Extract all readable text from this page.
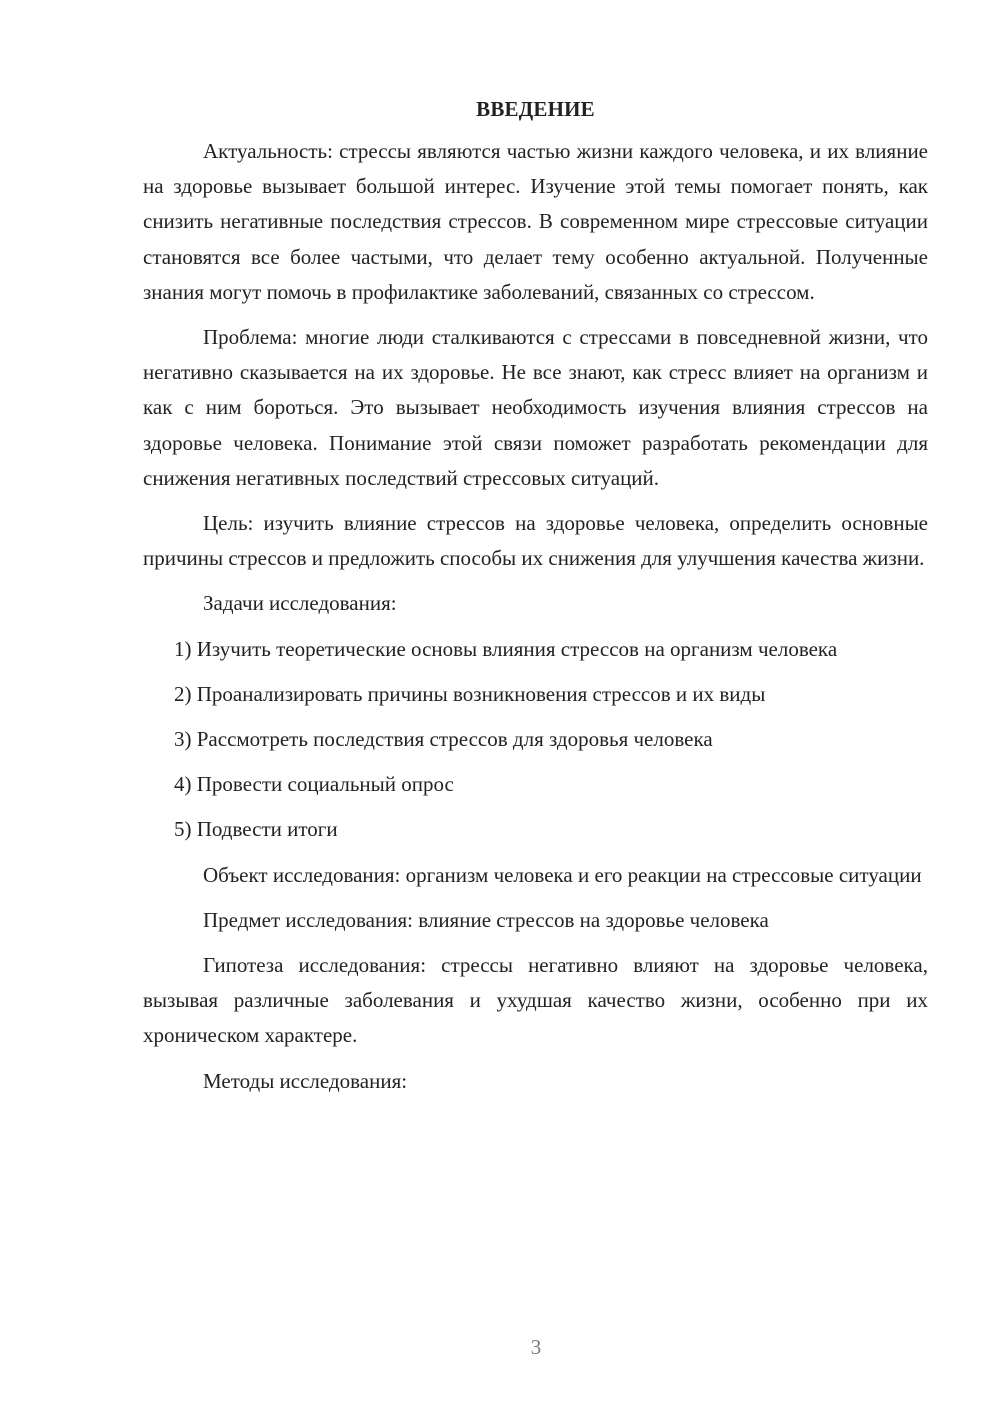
ВВЕДЕНИЕ

Актуальность: стрессы являются частью жизни каждого человека, и их влияние на здоровье вызывает большой интерес. Изучение этой темы помогает понять, как снизить негативные последствия стрессов. В современном мире стрессовые ситуации становятся все более частыми, что делает тему особенно актуальной. Полученные знания могут помочь в профилактике заболеваний, связанных со стрессом.

Проблема: многие люди сталкиваются с стрессами в повседневной жизни, что негативно сказывается на их здоровье. Не все знают, как стресс влияет на организм и как с ним бороться. Это вызывает необходимость изучения влияния стрессов на здоровье человека. Понимание этой связи поможет разработать рекомендации для снижения негативных последствий стрессовых ситуаций.

Цель: изучить влияние стрессов на здоровье человека, определить основные причины стрессов и предложить способы их снижения для улучшения качества жизни.

Задачи исследования:

1) Изучить теоретические основы влияния стрессов на организм человека

2) Проанализировать причины возникновения стрессов и их виды

3) Рассмотреть последствия стрессов для здоровья человека

4) Провести социальный опрос

5) Подвести итоги

Объект исследования: организм человека и его реакции на стрессовые ситуации

Предмет исследования: влияние стрессов на здоровье человека

Гипотеза исследования: стрессы негативно влияют на здоровье человека, вызывая различные заболевания и ухудшая качество жизни, особенно при их хроническом характере.

Методы исследования:

3
